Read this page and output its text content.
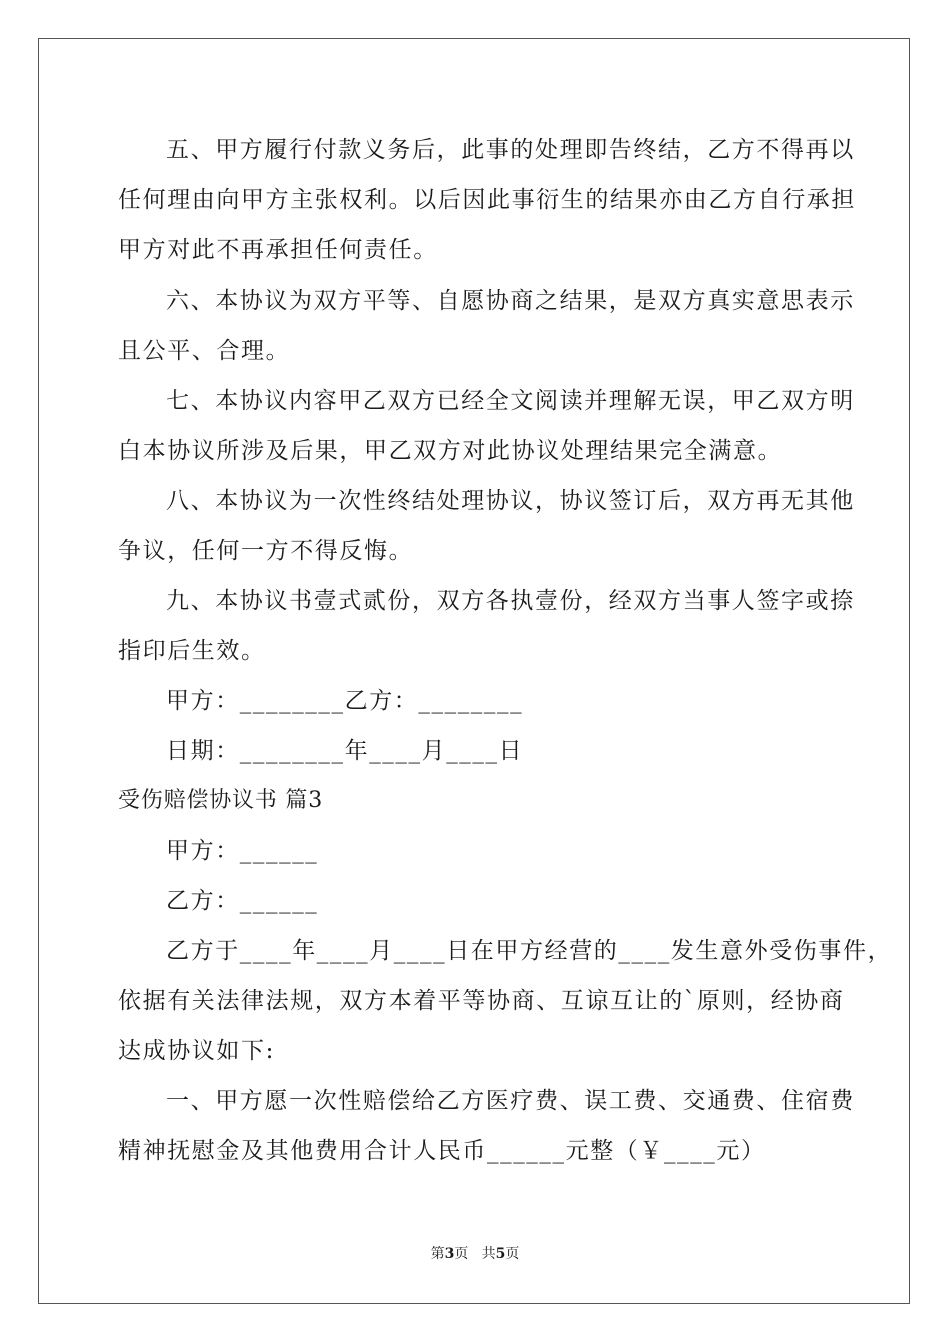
五、甲方履行付款义务后，此事的处理即告终结，乙方不得再以
任何理由向甲方主张权利。以后因此事衍生的结果亦由乙方自行承担
甲方对此不再承担任何责任。
六、本协议为双方平等、自愿协商之结果，是双方真实意思表示
且公平、合理。
七、本协议内容甲乙双方已经全文阅读并理解无误，甲乙双方明
白本协议所涉及后果，甲乙双方对此协议处理结果完全满意。
八、本协议为一次性终结处理协议，协议签订后，双方再无其他
争议，任何一方不得反悔。
九、本协议书壹式贰份，双方各执壹份，经双方当事人签字或捺
指印后生效。
甲方：________乙方：________
日期：________年____月____日
受伤赔偿协议书 篇3
甲方：______
乙方：______
乙方于____年____月____日在甲方经营的____发生意外受伤事件，
依据有关法律法规，双方本着平等协商、互谅互让的`原则，经协商
达成协议如下:
一、甲方愿一次性赔偿给乙方医疗费、误工费、交通费、住宿费
精神抚慰金及其他费用合计人民币______元整（￥____元）
第3页 共5页
